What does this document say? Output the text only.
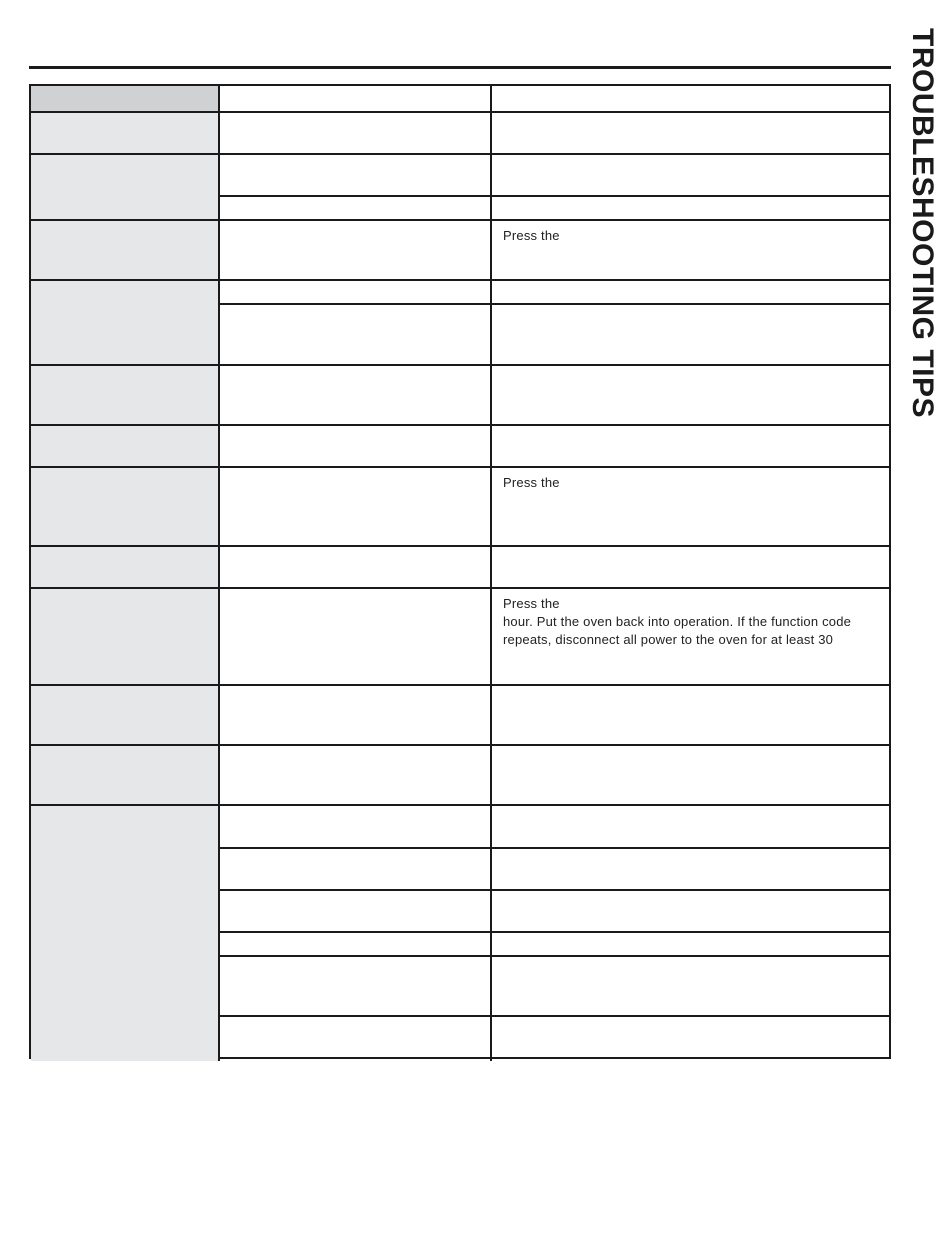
TROUBLESHOOTING TIPS
Press the
Press the
Press the
hour. Put the oven back into operation. If the function code repeats, disconnect all power to the oven for at least 30
